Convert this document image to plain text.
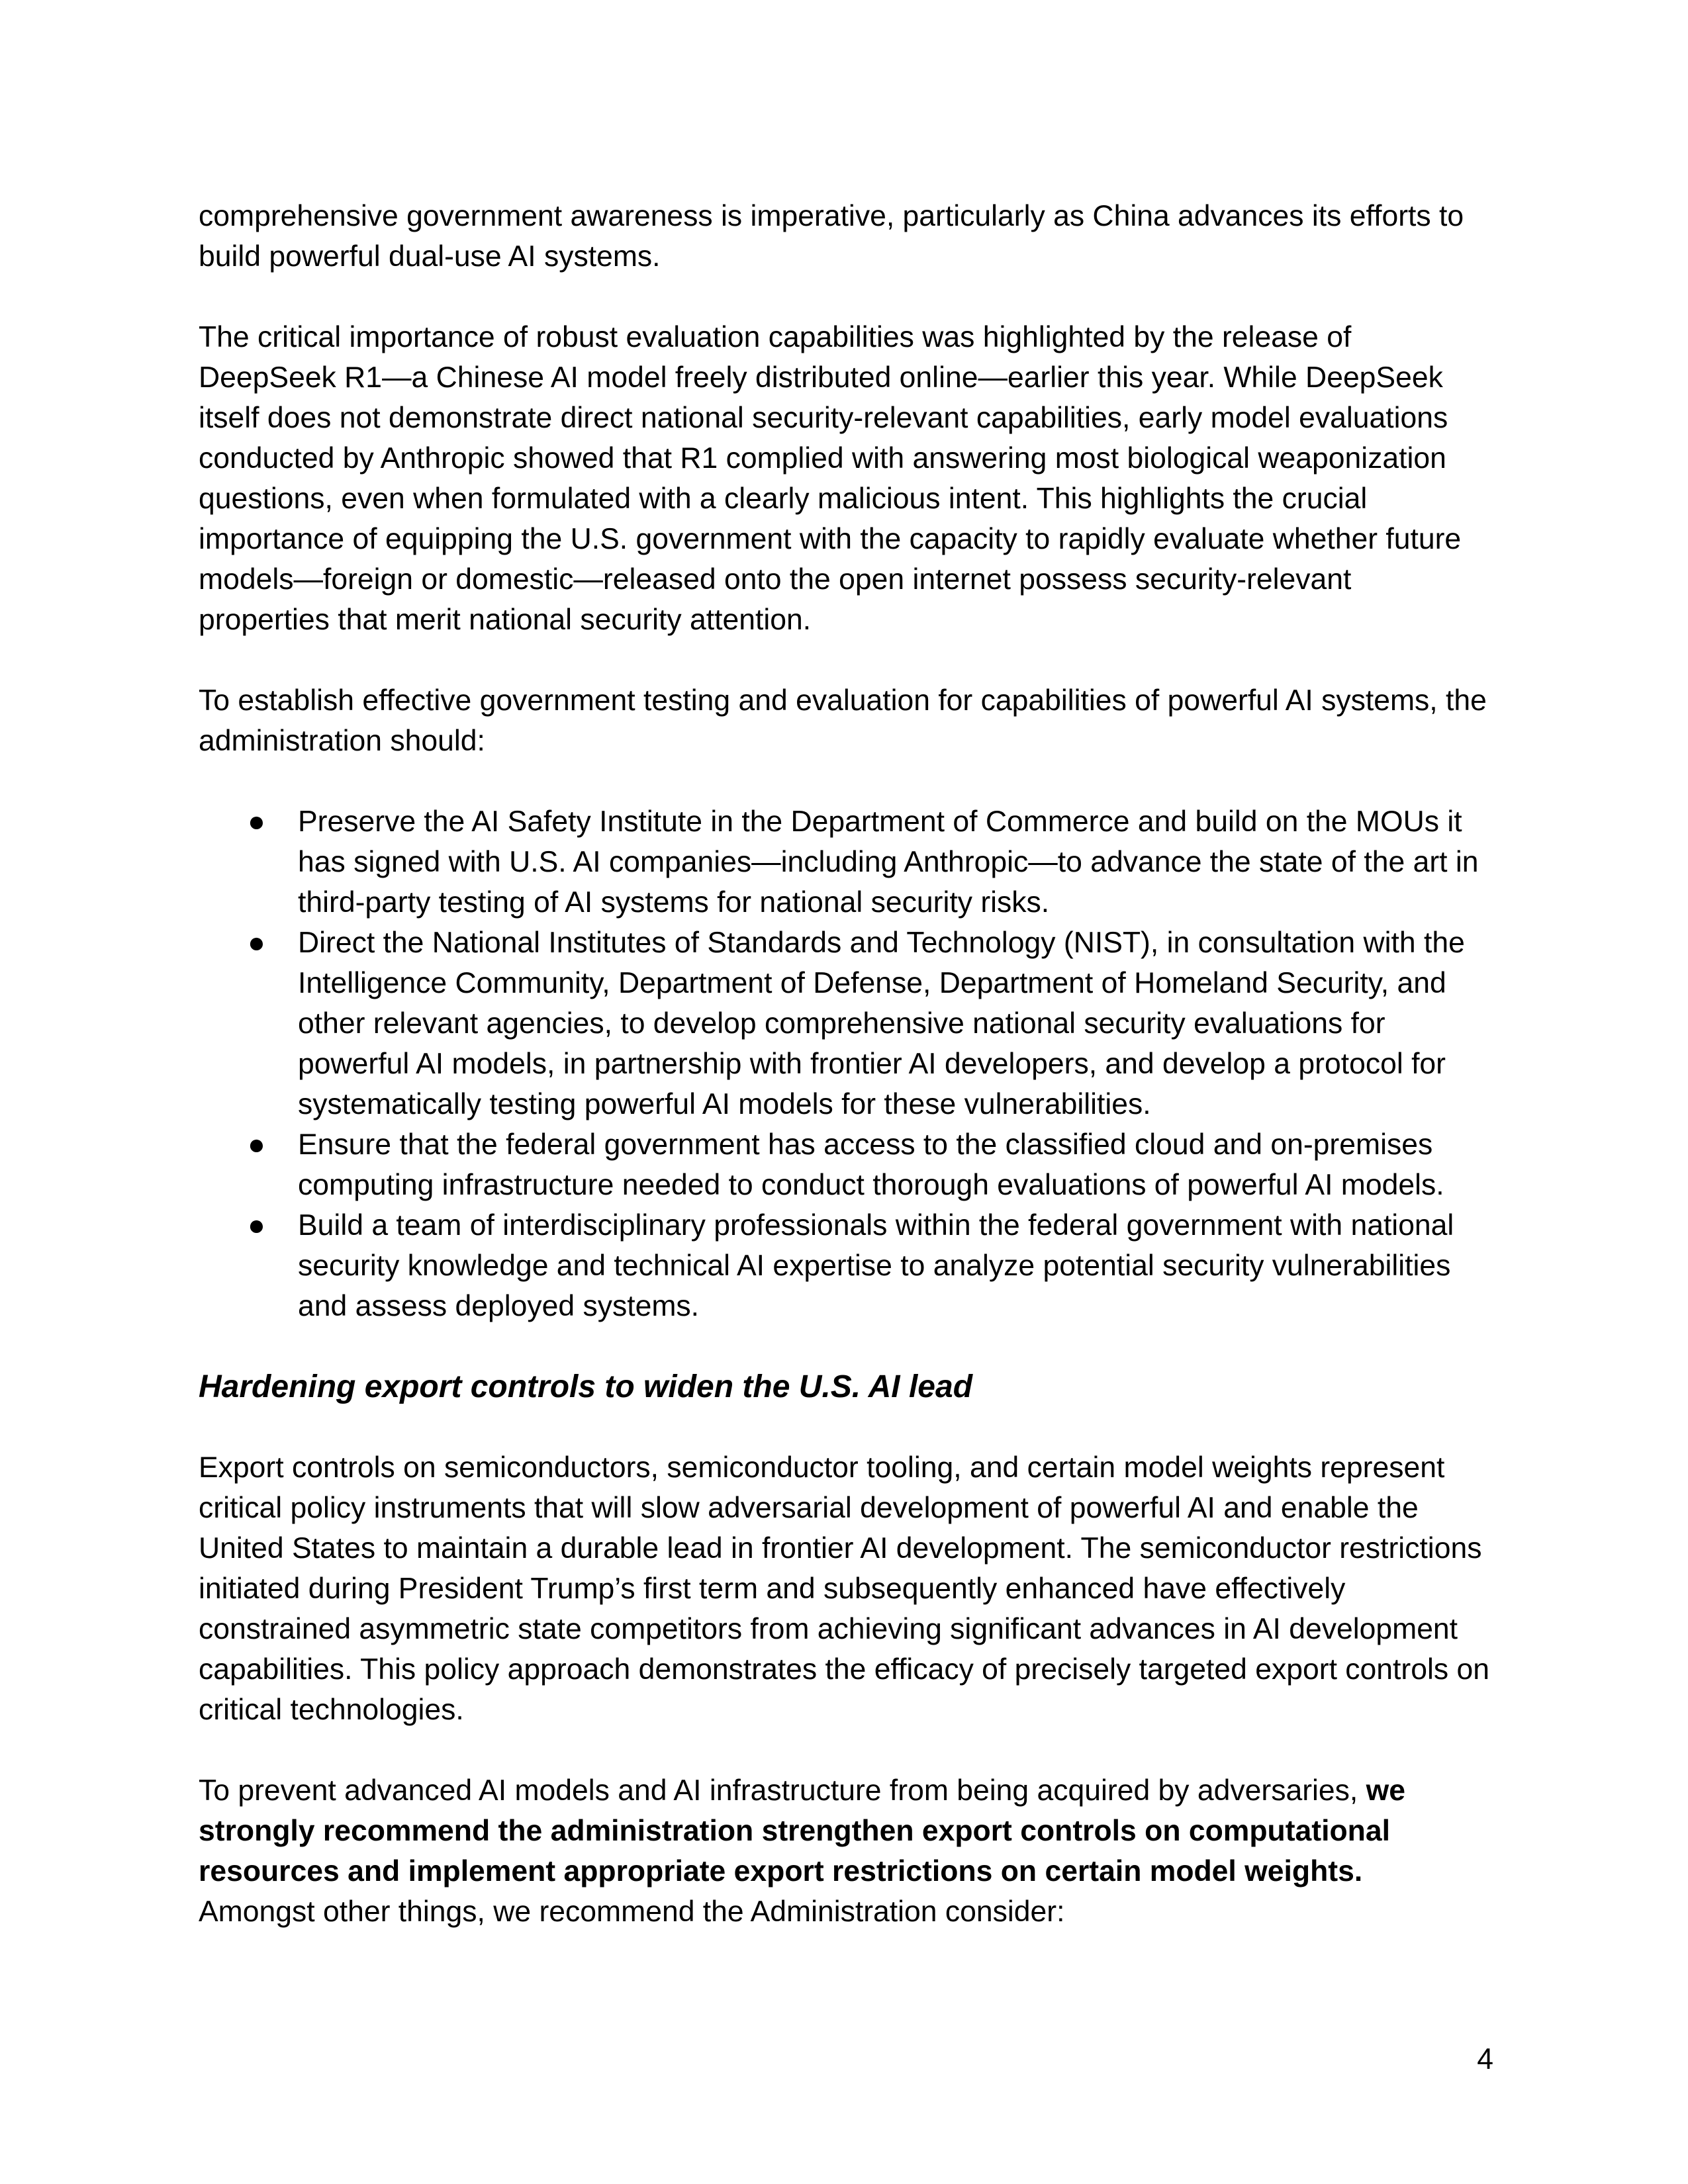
comprehensive government awareness is imperative, particularly as China advances its efforts to build powerful dual-use AI systems.

The critical importance of robust evaluation capabilities was highlighted by the release of DeepSeek R1—a Chinese AI model freely distributed online—earlier this year. While DeepSeek itself does not demonstrate direct national security-relevant capabilities, early model evaluations conducted by Anthropic showed that R1 complied with answering most biological weaponization questions, even when formulated with a clearly malicious intent. This highlights the crucial importance of equipping the U.S. government with the capacity to rapidly evaluate whether future models—foreign or domestic—released onto the open internet possess security-relevant properties that merit national security attention.

To establish effective government testing and evaluation for capabilities of powerful AI systems, the administration should:

● Preserve the AI Safety Institute in the Department of Commerce and build on the MOUs it has signed with U.S. AI companies—including Anthropic—to advance the state of the art in third-party testing of AI systems for national security risks.
● Direct the National Institutes of Standards and Technology (NIST), in consultation with the Intelligence Community, Department of Defense, Department of Homeland Security, and other relevant agencies, to develop comprehensive national security evaluations for powerful AI models, in partnership with frontier AI developers, and develop a protocol for systematically testing powerful AI models for these vulnerabilities.
● Ensure that the federal government has access to the classified cloud and on-premises computing infrastructure needed to conduct thorough evaluations of powerful AI models.
● Build a team of interdisciplinary professionals within the federal government with national security knowledge and technical AI expertise to analyze potential security vulnerabilities and assess deployed systems.
Hardening export controls to widen the U.S. AI lead

Export controls on semiconductors, semiconductor tooling, and certain model weights represent critical policy instruments that will slow adversarial development of powerful AI and enable the United States to maintain a durable lead in frontier AI development. The semiconductor restrictions initiated during President Trump’s first term and subsequently enhanced have effectively constrained asymmetric state competitors from achieving significant advances in AI development capabilities. This policy approach demonstrates the efficacy of precisely targeted export controls on critical technologies.

To prevent advanced AI models and AI infrastructure from being acquired by adversaries, we strongly recommend the administration strengthen export controls on computational resources and implement appropriate export restrictions on certain model weights.
Amongst other things, we recommend the Administration consider:

4
